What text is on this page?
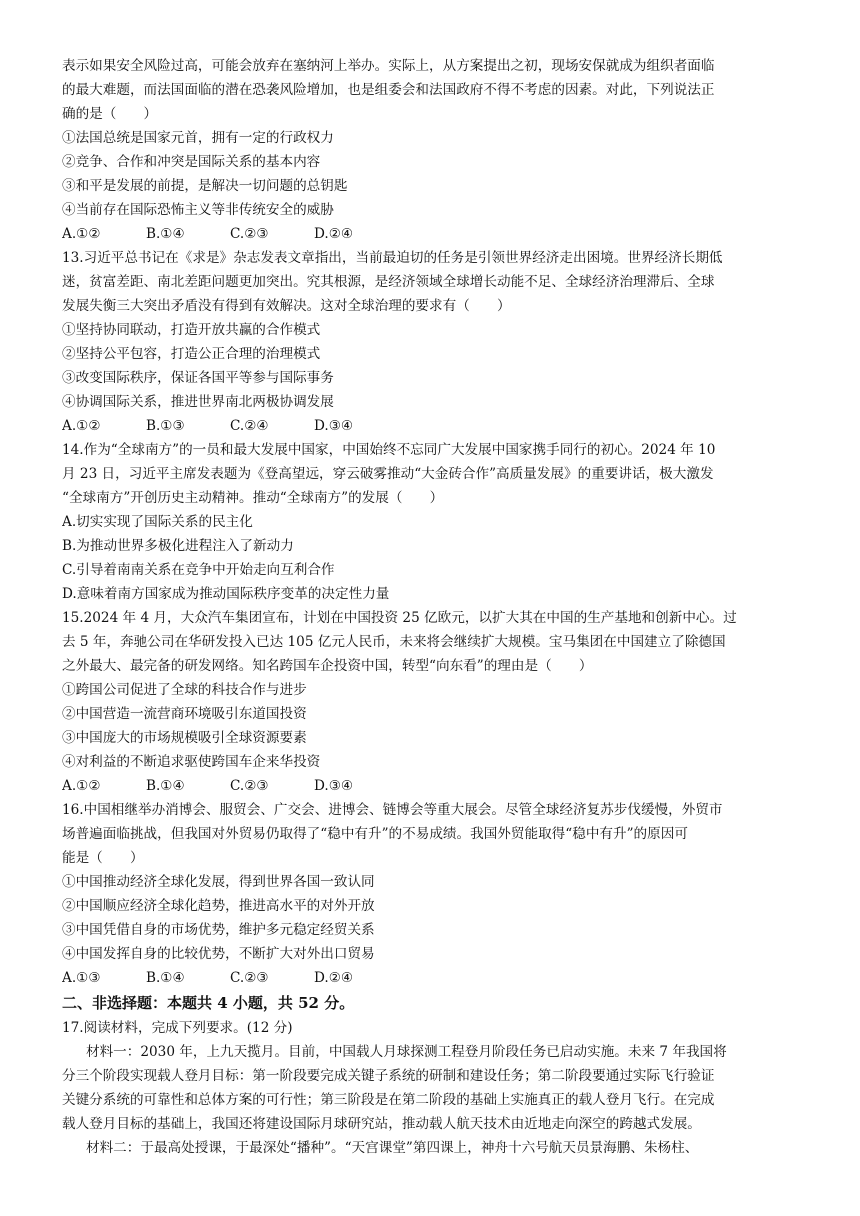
表示如果安全风险过高，可能会放弃在塞纳河上举办。实际上，从方案提出之初，现场安保就成为组织者面临
的最大难题，而法国面临的潜在恐袭风险增加，也是组委会和法国政府不得不考虑的因素。对此，下列说法正
确的是（　　）
①法国总统是国家元首，拥有一定的行政权力
②竞争、合作和冲突是国际关系的基本内容
③和平是发展的前提，是解决一切问题的总钥匙
④当前存在国际恐怖主义等非传统安全的威胁
A.①②	B.①④	C.②③	D.②④
13.习近平总书记在《求是》杂志发表文章指出，当前最迫切的任务是引领世界经济走出困境。世界经济长期低
迷，贫富差距、南北差距问题更加突出。究其根源，是经济领域全球增长动能不足、全球经济治理滞后、全球
发展失衡三大突出矛盾没有得到有效解决。这对全球治理的要求有（　　）
①坚持协同联动，打造开放共赢的合作模式
②坚持公平包容，打造公正合理的治理模式
③改变国际秩序，保证各国平等参与国际事务
④协调国际关系，推进世界南北两极协调发展
A.①②	B.①③	C.②④	D.③④
14.作为“全球南方”的一员和最大发展中国家，中国始终不忘同广大发展中国家携手同行的初心。2024 年 10
月 23 日，习近平主席发表题为《登高望远，穿云破雾推动“大金砖合作”高质量发展》的重要讲话，极大激发
“全球南方”开创历史主动精神。推动“全球南方”的发展（　　）
A.切实实现了国际关系的民主化
B.为推动世界多极化进程注入了新动力
C.引导着南南关系在竞争中开始走向互利合作
D.意味着南方国家成为推动国际秩序变革的决定性力量
15.2024 年 4 月，大众汽车集团宣布，计划在中国投资 25 亿欧元，以扩大其在中国的生产基地和创新中心。过
去 5 年，奔驰公司在华研发投入已达 105 亿元人民币，未来将会继续扩大规模。宝马集团在中国建立了除德国
之外最大、最完备的研发网络。知名跨国车企投资中国，转型“向东看”的理由是（　　）
①跨国公司促进了全球的科技合作与进步
②中国营造一流营商环境吸引东道国投资
③中国庞大的市场规模吸引全球资源要素
④对利益的不断追求驱使跨国车企来华投资
A.①②	B.①④	C.②③	D.③④
16.中国相继举办消博会、服贸会、广交会、进博会、链博会等重大展会。尽管全球经济复苏步伐缓慢，外贸市
场普遍面临挑战，但我国对外贸易仍取得了“稳中有升”的不易成绩。我国外贸能取得“稳中有升”的原因可
能是（　　）
①中国推动经济全球化发展，得到世界各国一致认同
②中国顺应经济全球化趋势，推进高水平的对外开放
③中国凭借自身的市场优势，维护多元稳定经贸关系
④中国发挥自身的比较优势，不断扩大对外出口贸易
A.①③	B.①④	C.②③	D.②④
二、非选择题：本题共 4 小题，共 52 分。
17.阅读材料，完成下列要求。(12 分)
材料一：2030 年，上九天揽月。目前，中国载人月球探测工程登月阶段任务已启动实施。未来 7 年我国将
分三个阶段实现载人登月目标：第一阶段要完成关键子系统的研制和建设任务；第二阶段要通过实际飞行验证
关键分系统的可靠性和总体方案的可行性；第三阶段是在第二阶段的基础上实施真正的载人登月飞行。在完成
载人登月目标的基础上，我国还将建设国际月球研究站，推动载人航天技术由近地走向深空的跨越式发展。
材料二：于最高处授课，于最深处“播种”。“天宫课堂”第四课上，神舟十六号航天员景海鹏、朱杨柱、
